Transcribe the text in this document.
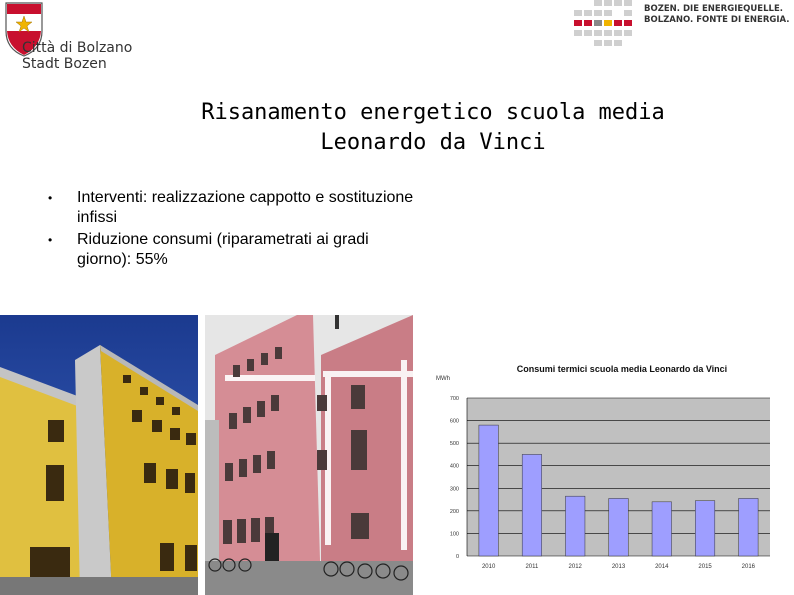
Città di Bolzano
Stadt Bozen
BOZEN. DIE ENERGIEQUELLE.
BOLZANO. FONTE DI ENERGIA.
Risanamento energetico scuola media
Leonardo da Vinci
• Interventi: realizzazione cappotto e sostituzione infissi
• Riduzione consumi (riparametrati ai gradi giorno): 55%
700
600
500
400
300
200
100
0
2010	2011	2012	2013	2014	2015	2016
Consumi termici scuola media Leonardo da Vinci
MWh
